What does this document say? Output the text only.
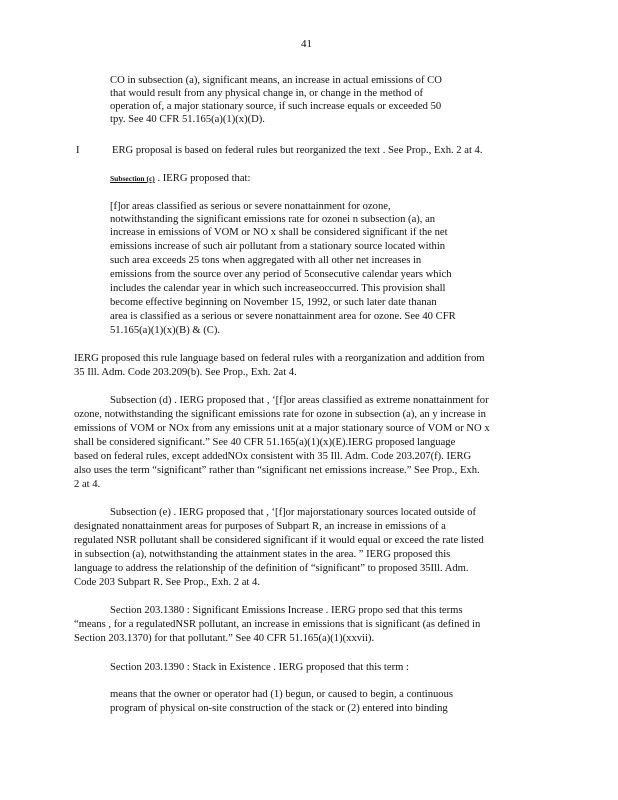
41
CO in subsection (a), significant means, an increase in actual emissions of CO
that would result from any physical change in, or change in the method of
operation of, a major stationary source, if such increase equals or exceeded 50
tpy. See 40 CFR 51.165(a)(1)(x)(D).
I	ERG proposal is based on federal rules but reorganized the text . See Prop., Exh. 2 at 4.
Subsection (c) . IERG proposed that:
[f]or areas classified as serious or severe nonattainment for ozone,
notwithstanding the significant emissions rate for ozonei n subsection (a), an
increase in emissions of VOM or NO x shall be considered significant if the net
emissions increase of such air pollutant from a stationary source located within
such area exceeds 25 tons when aggregated with all other net increases in
emissions from the source over any period of 5consecutive calendar years which
includes the calendar year in which such increaseoccurred. This provision shall
become effective beginning on November 15, 1992, or such later date thanan
area is classified as a serious or severe nonattainment area for ozone. See 40 CFR
51.165(a)(1)(x)(B) & (C).
IERG proposed this rule language based on federal rules with a reorganization and addition from
35 Ill. Adm. Code 203.209(b). See Prop., Exh. 2at 4.
Subsection (d) . IERG proposed that , ‘[f]or areas classified as extreme nonattainment for
ozone, notwithstanding the significant emissions rate for ozone in subsection (a), an y increase in
emissions of VOM or NOx from any emissions unit at a major stationary source of VOM or NO x
shall be considered significant.” See 40 CFR 51.165(a)(1)(x)(E).IERG proposed language
based on federal rules, except addedNOx consistent with 35 Ill. Adm. Code 203.207(f). IERG
also uses the term “significant” rather than “significant net emissions increase.” See Prop., Exh.
2 at 4.
Subsection (e) . IERG proposed that , ‘[f]or majorstationary sources located outside of
designated nonattainment areas for purposes of Subpart R, an increase in emissions of a
regulated NSR pollutant shall be considered significant if it would equal or exceed the rate listed
in subsection (a), notwithstanding the attainment states in the area. ” IERG proposed this
language to address the relationship of the definition of “significant” to proposed 35Ill. Adm.
Code 203 Subpart R. See Prop., Exh. 2 at 4.
Section 203.1380 : Significant Emissions Increase . IERG propo sed that this terms
“means , for a regulatedNSR pollutant, an increase in emissions that is significant (as defined in
Section 203.1370) for that pollutant.” See 40 CFR 51.165(a)(1)(xxvii).
Section 203.1390 : Stack in Existence . IERG proposed that this term :
means that the owner or operator had (1) begun, or caused to begin, a continuous
program of physical on-site construction of the stack or (2) entered into binding
